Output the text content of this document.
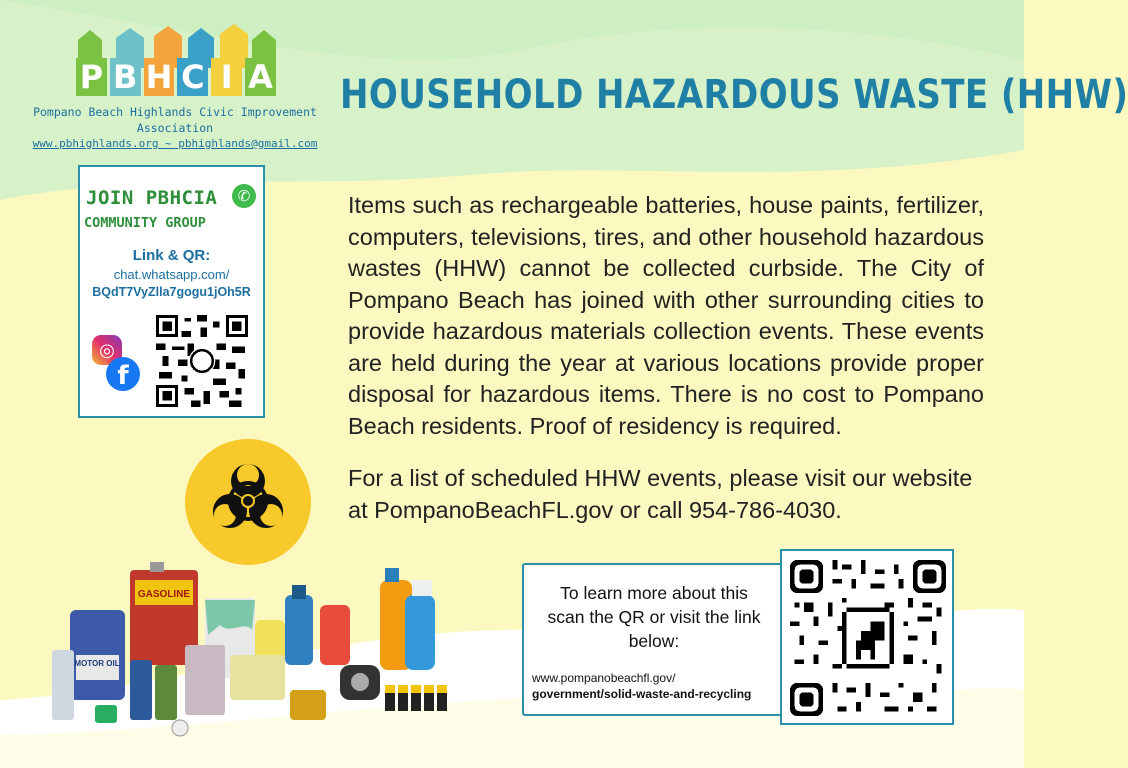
P B H C I A
Pompano Beach Highlands Civic Improvement Association
www.pbhighlands.org ~ pbhighlands@gmail.com
HOUSEHOLD HAZARDOUS WASTE (HHW)
JOIN PBHCIA	✆
COMMUNITY GROUP
Link & QR:
chat.whatsapp.com/
BQdT7VyZlla7gogu1jOh5R
◎
f
Items such as rechargeable batteries, house paints, fertilizer, computers, televisions, tires, and other household hazardous wastes (HHW) cannot be collected curbside. The City of Pompano Beach has joined with other surrounding cities to provide hazardous materials collection events. These events are held during the year at various locations provide proper disposal for hazardous items. There is no cost to Pompano Beach residents. Proof of residency is required.
For a list of scheduled HHW events, please visit our website at PompanoBeachFL.gov or call 954-786-4030.
GASOLINE
MOTOR OIL
To learn more about this scan the QR or visit the link below:
www.pompanobeachfl.gov/
government/solid-waste-and-recycling
